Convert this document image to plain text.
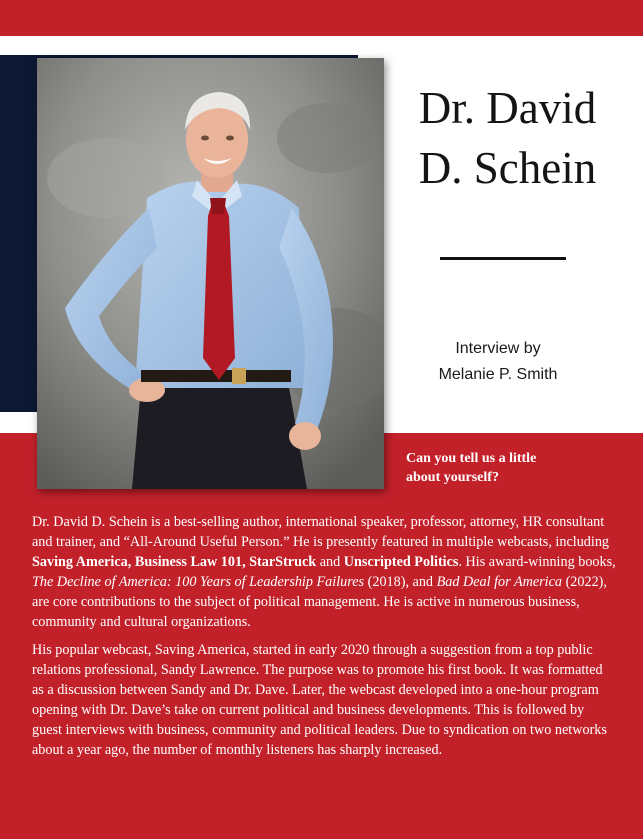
Dr. David
D. Schein
Interview by
Melanie P. Smith
Can you tell us a little
about yourself?

Dr. David D. Schein is a best-selling author, international speaker, professor, attorney, HR consultant and trainer, and “All-Around Useful Person.” He is presently featured in multiple webcasts, including Saving America, Business Law 101, StarStruck and Unscripted Politics. His award-winning books, The Decline of America: 100 Years of Leadership Failures (2018), and Bad Deal for America (2022), are core contributions to the subject of political management. He is active in numerous business, community and cultural organizations.

His popular webcast, Saving America, started in early 2020 through a suggestion from a top public relations professional, Sandy Lawrence. The purpose was to promote his first book. It was formatted as a discussion between Sandy and Dr. Dave. Later, the webcast developed into a one-hour program opening with Dr. Dave’s take on current political and business developments. This is followed by guest interviews with business, community and political leaders. Due to syndication on two networks about a year ago, the number of monthly listeners has sharply increased.
